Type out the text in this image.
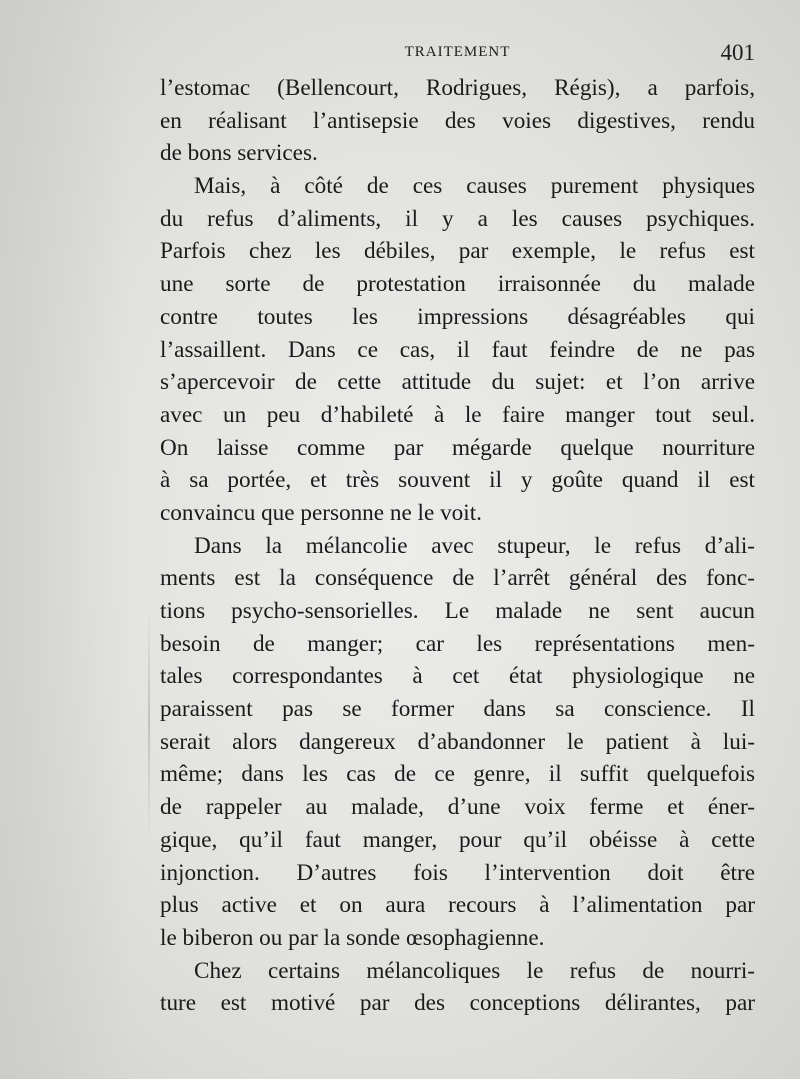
TRAITEMENT	401
l’estomac (Bellencourt, Rodrigues, Régis), a parfois,
en réalisant l’antisepsie des voies digestives, rendu
de bons services.
Mais, à côté de ces causes purement physiques
du refus d’aliments, il y a les causes psychiques.
Parfois chez les débiles, par exemple, le refus est
une sorte de protestation irraisonnée du malade
contre toutes les impressions désagréables qui
l’assaillent. Dans ce cas, il faut feindre de ne pas
s’apercevoir de cette attitude du sujet: et l’on arrive
avec un peu d’habileté à le faire manger tout seul.
On laisse comme par mégarde quelque nourriture
à sa portée, et très souvent il y goûte quand il est
convaincu que personne ne le voit.
Dans la mélancolie avec stupeur, le refus d’ali-
ments est la conséquence de l’arrêt général des fonc-
tions psycho-sensorielles. Le malade ne sent aucun
besoin de manger; car les représentations men-
tales correspondantes à cet état physiologique ne
paraissent pas se former dans sa conscience. Il
serait alors dangereux d’abandonner le patient à lui-
même; dans les cas de ce genre, il suffit quelquefois
de rappeler au malade, d’une voix ferme et éner-
gique, qu’il faut manger, pour qu’il obéisse à cette
injonction. D’autres fois l’intervention doit être
plus active et on aura recours à l’alimentation par
le biberon ou par la sonde œsophagienne.
Chez certains mélancoliques le refus de nourri-
ture est motivé par des conceptions délirantes, par
